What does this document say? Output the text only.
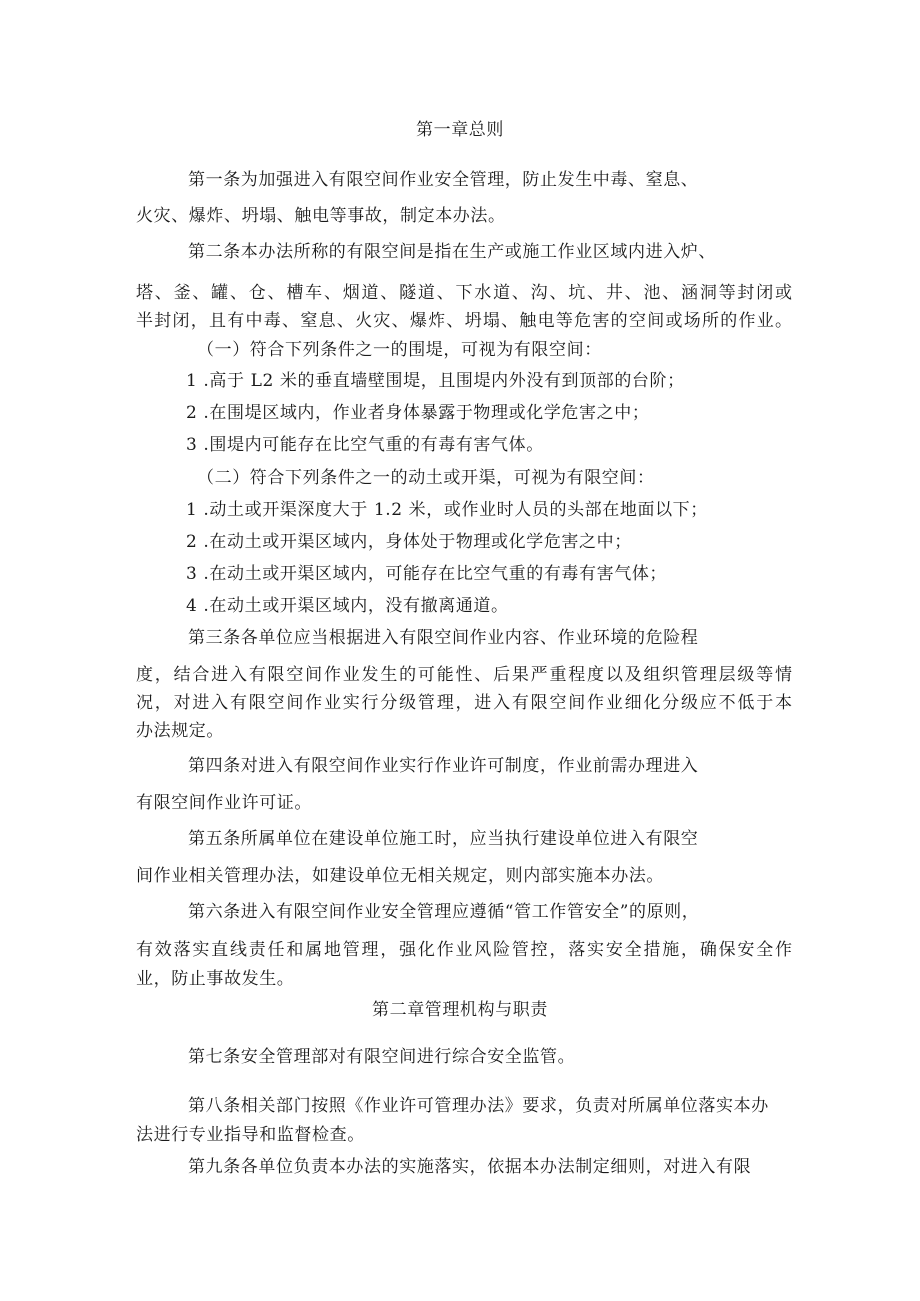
第一章总则
第一条为加强进入有限空间作业安全管理，防止发生中毒、窒息、
火灾、爆炸、坍塌、触电等事故，制定本办法。
第二条本办法所称的有限空间是指在生产或施工作业区域内进入炉、
塔、釜、罐、仓、槽车、烟道、隧道、下水道、沟、坑、井、池、涵洞等封闭或
半封闭，且有中毒、窒息、火灾、爆炸、坍塌、触电等危害的空间或场所的作业。
（一）符合下列条件之一的围堤，可视为有限空间：
1 .高于 L2 米的垂直墙壁围堤，且围堤内外没有到顶部的台阶；
2 .在围堤区域内，作业者身体暴露于物理或化学危害之中；
3 .围堤内可能存在比空气重的有毒有害气体。
（二）符合下列条件之一的动土或开渠，可视为有限空间：
1 .动土或开渠深度大于 1.2 米，或作业时人员的头部在地面以下；
2 .在动土或开渠区域内，身体处于物理或化学危害之中；
3 .在动土或开渠区域内，可能存在比空气重的有毒有害气体；
4 .在动土或开渠区域内，没有撤离通道。
第三条各单位应当根据进入有限空间作业内容、作业环境的危险程
度，结合进入有限空间作业发生的可能性、后果严重程度以及组织管理层级等情
况，对进入有限空间作业实行分级管理，进入有限空间作业细化分级应不低于本
办法规定。
第四条对进入有限空间作业实行作业许可制度，作业前需办理进入
有限空间作业许可证。
第五条所属单位在建设单位施工时，应当执行建设单位进入有限空
间作业相关管理办法，如建设单位无相关规定，则内部实施本办法。
第六条进入有限空间作业安全管理应遵循“管工作管安全”的原则，
有效落实直线责任和属地管理，强化作业风险管控，落实安全措施，确保安全作
业，防止事故发生。
第二章管理机构与职责
第七条安全管理部对有限空间进行综合安全监管。
第八条相关部门按照《作业许可管理办法》要求，负责对所属单位落实本办
法进行专业指导和监督检查。
第九条各单位负责本办法的实施落实，依据本办法制定细则，对进入有限
